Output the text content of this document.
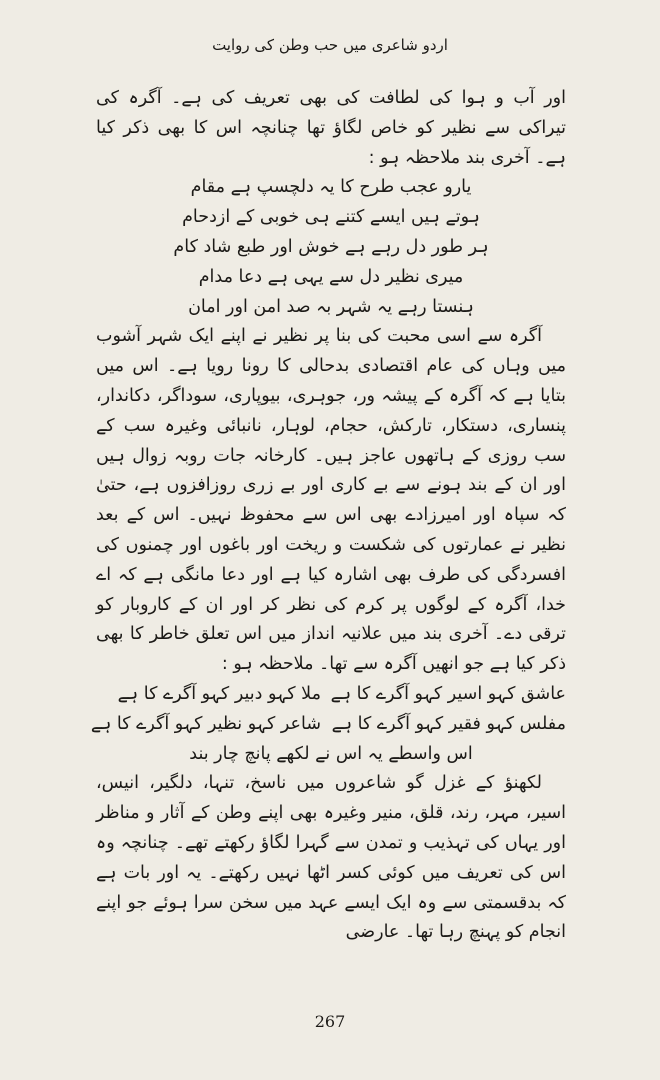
اردو شاعری میں حب وطن کی روایت

اور آب و ہوا کی لطافت کی بھی تعریف کی ہے۔ آگرہ کی تیراکی سے نظیر کو خاص لگاؤ تھا چنانچہ اس کا بھی ذکر کیا ہے۔ آخری بند ملاحظہ ہو :

یارو عجب طرح کا یہ دلچسپ ہے مقام

ہوتے ہیں ایسے کتنے ہی خوبی کے ازدحام

ہر طور دل رہے ہے خوش اور طبع شاد کام

میری نظیر دل سے یہی ہے دعا مدام

ہنستا رہے یہ شہر بہ صد امن اور امان

آگرہ سے اسی محبت کی بنا پر نظیر نے اپنے ایک شہر آشوب میں وہاں کی عام اقتصادی بدحالی کا رونا رویا ہے۔ اس میں بتایا ہے کہ آگرہ کے پیشہ ور، جوہری، بیوپاری، سوداگر، دکاندار، پنساری، دستکار، تارکش، حجام، لوہار، نانبائی وغیرہ سب کے سب روزی کے ہاتھوں عاجز ہیں۔ کارخانہ جات روبہ زوال ہیں اور ان کے بند ہونے سے بے کاری اور بے زری روزافزوں ہے، حتیٰ کہ سپاہ اور امیرزادے بھی اس سے محفوظ نہیں۔ اس کے بعد نظیر نے عمارتوں کی شکست و ریخت اور باغوں اور چمنوں کی افسردگی کی طرف بھی اشارہ کیا ہے اور دعا مانگی ہے کہ اے خدا، آگرہ کے لوگوں پر کرم کی نظر کر اور ان کے کاروبار کو ترقی دے۔ آخری بند میں علانیہ انداز میں اس تعلق خاطر کا بھی ذکر کیا ہے جو انھیں آگرہ سے تھا۔ ملاحظہ ہو :

عاشق کہو اسیر کہو آگرے کا ہے
ملا کہو دبیر کہو آگرے کا ہے
مفلس کہو فقیر کہو آگرے کا ہے
شاعر کہو نظیر کہو آگرے کا ہے

اس واسطے یہ اس نے لکھے پانچ چار بند

لکھنؤ کے غزل گو شاعروں میں ناسخ، تنہا، دلگیر، انیس، اسیر، مہر، رند، قلق، منیر وغیرہ بھی اپنے وطن کے آثار و مناظر اور یہاں کی تہذیب و تمدن سے گہرا لگاؤ رکھتے تھے۔ چنانچہ وہ اس کی تعریف میں کوئی کسر اٹھا نہیں رکھتے۔ یہ اور بات ہے کہ بدقسمتی سے وہ ایک ایسے عہد میں سخن سرا ہوئے جو اپنے انجام کو پہنچ رہا تھا۔ عارضی

267
